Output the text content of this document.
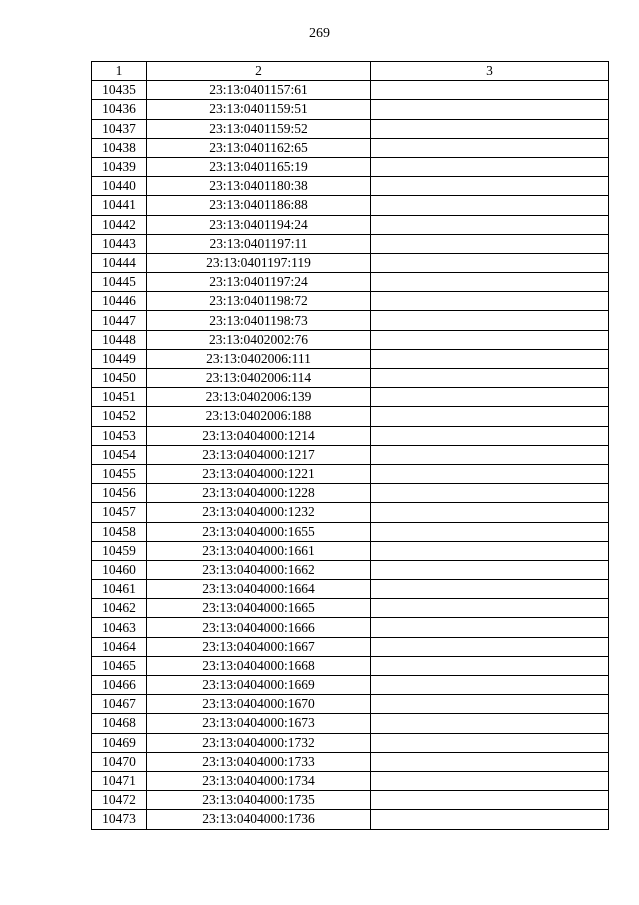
269
1	2	3
10435	23:13:0401157:61	
10436	23:13:0401159:51	
10437	23:13:0401159:52	
10438	23:13:0401162:65	
10439	23:13:0401165:19	
10440	23:13:0401180:38	
10441	23:13:0401186:88	
10442	23:13:0401194:24	
10443	23:13:0401197:11	
10444	23:13:0401197:119	
10445	23:13:0401197:24	
10446	23:13:0401198:72	
10447	23:13:0401198:73	
10448	23:13:0402002:76	
10449	23:13:0402006:111	
10450	23:13:0402006:114	
10451	23:13:0402006:139	
10452	23:13:0402006:188	
10453	23:13:0404000:1214	
10454	23:13:0404000:1217	
10455	23:13:0404000:1221	
10456	23:13:0404000:1228	
10457	23:13:0404000:1232	
10458	23:13:0404000:1655	
10459	23:13:0404000:1661	
10460	23:13:0404000:1662	
10461	23:13:0404000:1664	
10462	23:13:0404000:1665	
10463	23:13:0404000:1666	
10464	23:13:0404000:1667	
10465	23:13:0404000:1668	
10466	23:13:0404000:1669	
10467	23:13:0404000:1670	
10468	23:13:0404000:1673	
10469	23:13:0404000:1732	
10470	23:13:0404000:1733	
10471	23:13:0404000:1734	
10472	23:13:0404000:1735	
10473	23:13:0404000:1736	
